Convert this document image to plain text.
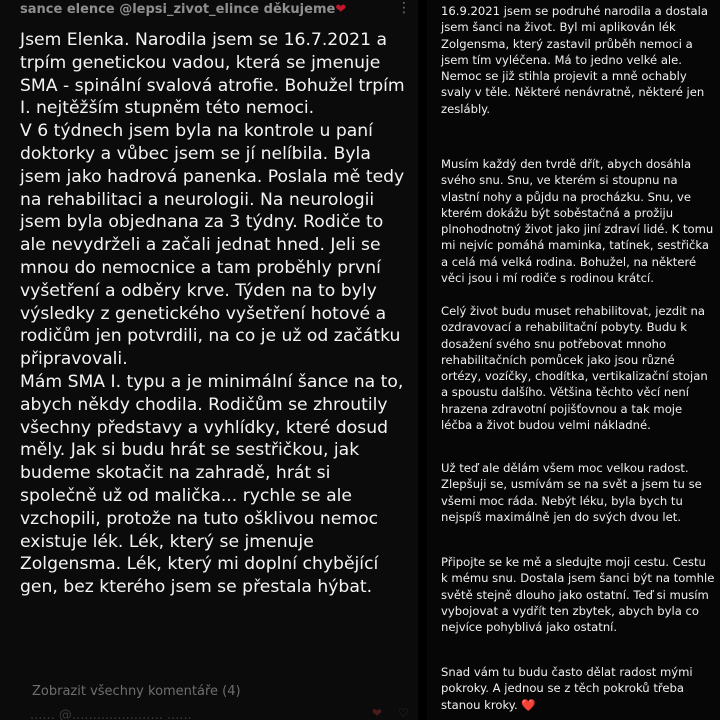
sance elence @lepsi_zivot_elince děkujeme❤	⋮

Jsem Elenka. Narodila jsem se 16.7.2021 a trpím genetickou vadou, která se jmenuje SMA - spinální svalová atrofie. Bohužel trpím I. nejtěžším stupněm této nemoci.

V 6 týdnech jsem byla na kontrole u paní doktorky a vůbec jsem se jí nelíbila. Byla jsem jako hadrová panenka. Poslala mě tedy na rehabilitaci a neurologii. Na neurologii jsem byla objednana za 3 týdny. Rodiče to ale nevydrželi a začali jednat hned. Jeli se mnou do nemocnice a tam proběhly první vyšetření a odběry krve. Týden na to byly výsledky z genetického vyšetření hotové a rodičům jen potvrdili, na co je už od začátku připravovali.

Mám SMA I. typu a je minimální šance na to, abych někdy chodila. Rodičům se zhroutily všechny představy a vyhlídky, které dosud měly. Jak si budu hrát se sestřičkou, jak budeme skotačit na zahradě, hrát si společně už od malička... rychle se ale vzchopili, protože na tuto ošklivou nemoc existuje lék. Lék, který se jmenuje Zolgensma. Lék, který mi doplní chybějící gen, bez kterého jsem se přestala hýbat.

Zobrazit všechny komentáře (4)
...... @...................... ......	❤ ♡

16.9.2021 jsem se podruhé narodila a dostala jsem šanci na život. Byl mi aplikován lék Zolgensma, který zastavil průběh nemoci a jsem tím vyléčena. Má to jedno velké ale. Nemoc se již stihla projevit a mně ochably svaly v těle. Některé nenávratně, některé jen zeslábly.

Musím každý den tvrdě dřít, abych dosáhla svého snu. Snu, ve kterém si stoupnu na vlastní nohy a půjdu na procházku. Snu, ve kterém dokážu být soběstačná a prožiju plnohodnotný život jako jiní zdraví lidé. K tomu mi nejvíc pomáhá maminka, tatínek, sestřička a celá má velká rodina. Bohužel, na některé věci jsou i mí rodiče s rodinou krátcí.

Celý život budu muset rehabilitovat, jezdit na ozdravovací a rehabilitační pobyty. Budu k dosažení svého snu potřebovat mnoho rehabilitačních pomůcek jako jsou různé ortézy, vozíčky, chodítka, vertikalizační stojan a spoustu dalšího. Většina těchto věcí není hrazena zdravotní pojišťovnou a tak moje léčba a život budou velmi nákladné.

Už teď ale dělám všem moc velkou radost. Zlepšuji se, usmívám se na svět a jsem tu se všemi moc ráda. Nebýt léku, byla bych tu nejspíš maximálně jen do svých dvou let.

Připojte se ke mě a sledujte moji cestu. Cestu k mému snu. Dostala jsem šanci být na tomhle světě stejně dlouho jako ostatní. Teď si musím vybojovat a vydřít ten zbytek, abych byla co nejvíce pohyblivá jako ostatní.

Snad vám tu budu často dělat radost mými pokroky. A jednou se z těch pokroků třeba stanou kroky. ❤️
